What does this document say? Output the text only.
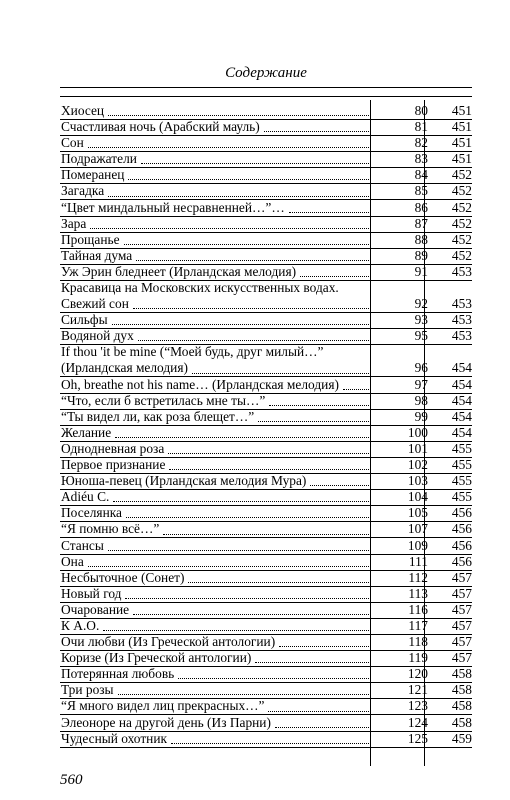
Содержание
Хиосец	80	451
Счастливая ночь (Арабский мауль)	81	451
Сон	82	451
Подражатели	83	451
Померанец	84	452
Загадка	85	452
“Цвет миндальный несравненней…”…	86	452
Зара	87	452
Прощанье	88	452
Тайная дума	89	452
Уж Эрин бледнеет (Ирландская мелодия)	91	453
Красавица на Московских искусственных водах.
Свежий сон	92	453
Сильфы	93	453
Водяной дух	95	453
If thou 'it be mine (“Моей будь, друг милый…” (Ирландская мелодия)	96	454
Oh, breathe not his name… (Ирландская мелодия)	97	454
“Что, если б встретилась мне ты…”	98	454
“Ты видел ли, как роза блещет…”	99	454
Желание	100	454
Однодневная роза	101	455
Первое признание	102	455
Юноша-певец (Ирландская мелодия Мура)	103	455
Adiéu С.	104	455
Поселянка	105	456
“Я помню всё…”	107	456
Стансы	109	456
Она	111	456
Несбыточное (Сонет)	112	457
Новый год	113	457
Очарование	116	457
К А.О.	117	457
Очи любви (Из Греческой антологии)	118	457
Коризе (Из Греческой антологии)	119	457
Потерянная любовь	120	458
Три розы	121	458
“Я много видел лиц прекрасных…”	123	458
Элеоноре на другой день (Из Парни)	124	458
Чудесный охотник	125	459
560
